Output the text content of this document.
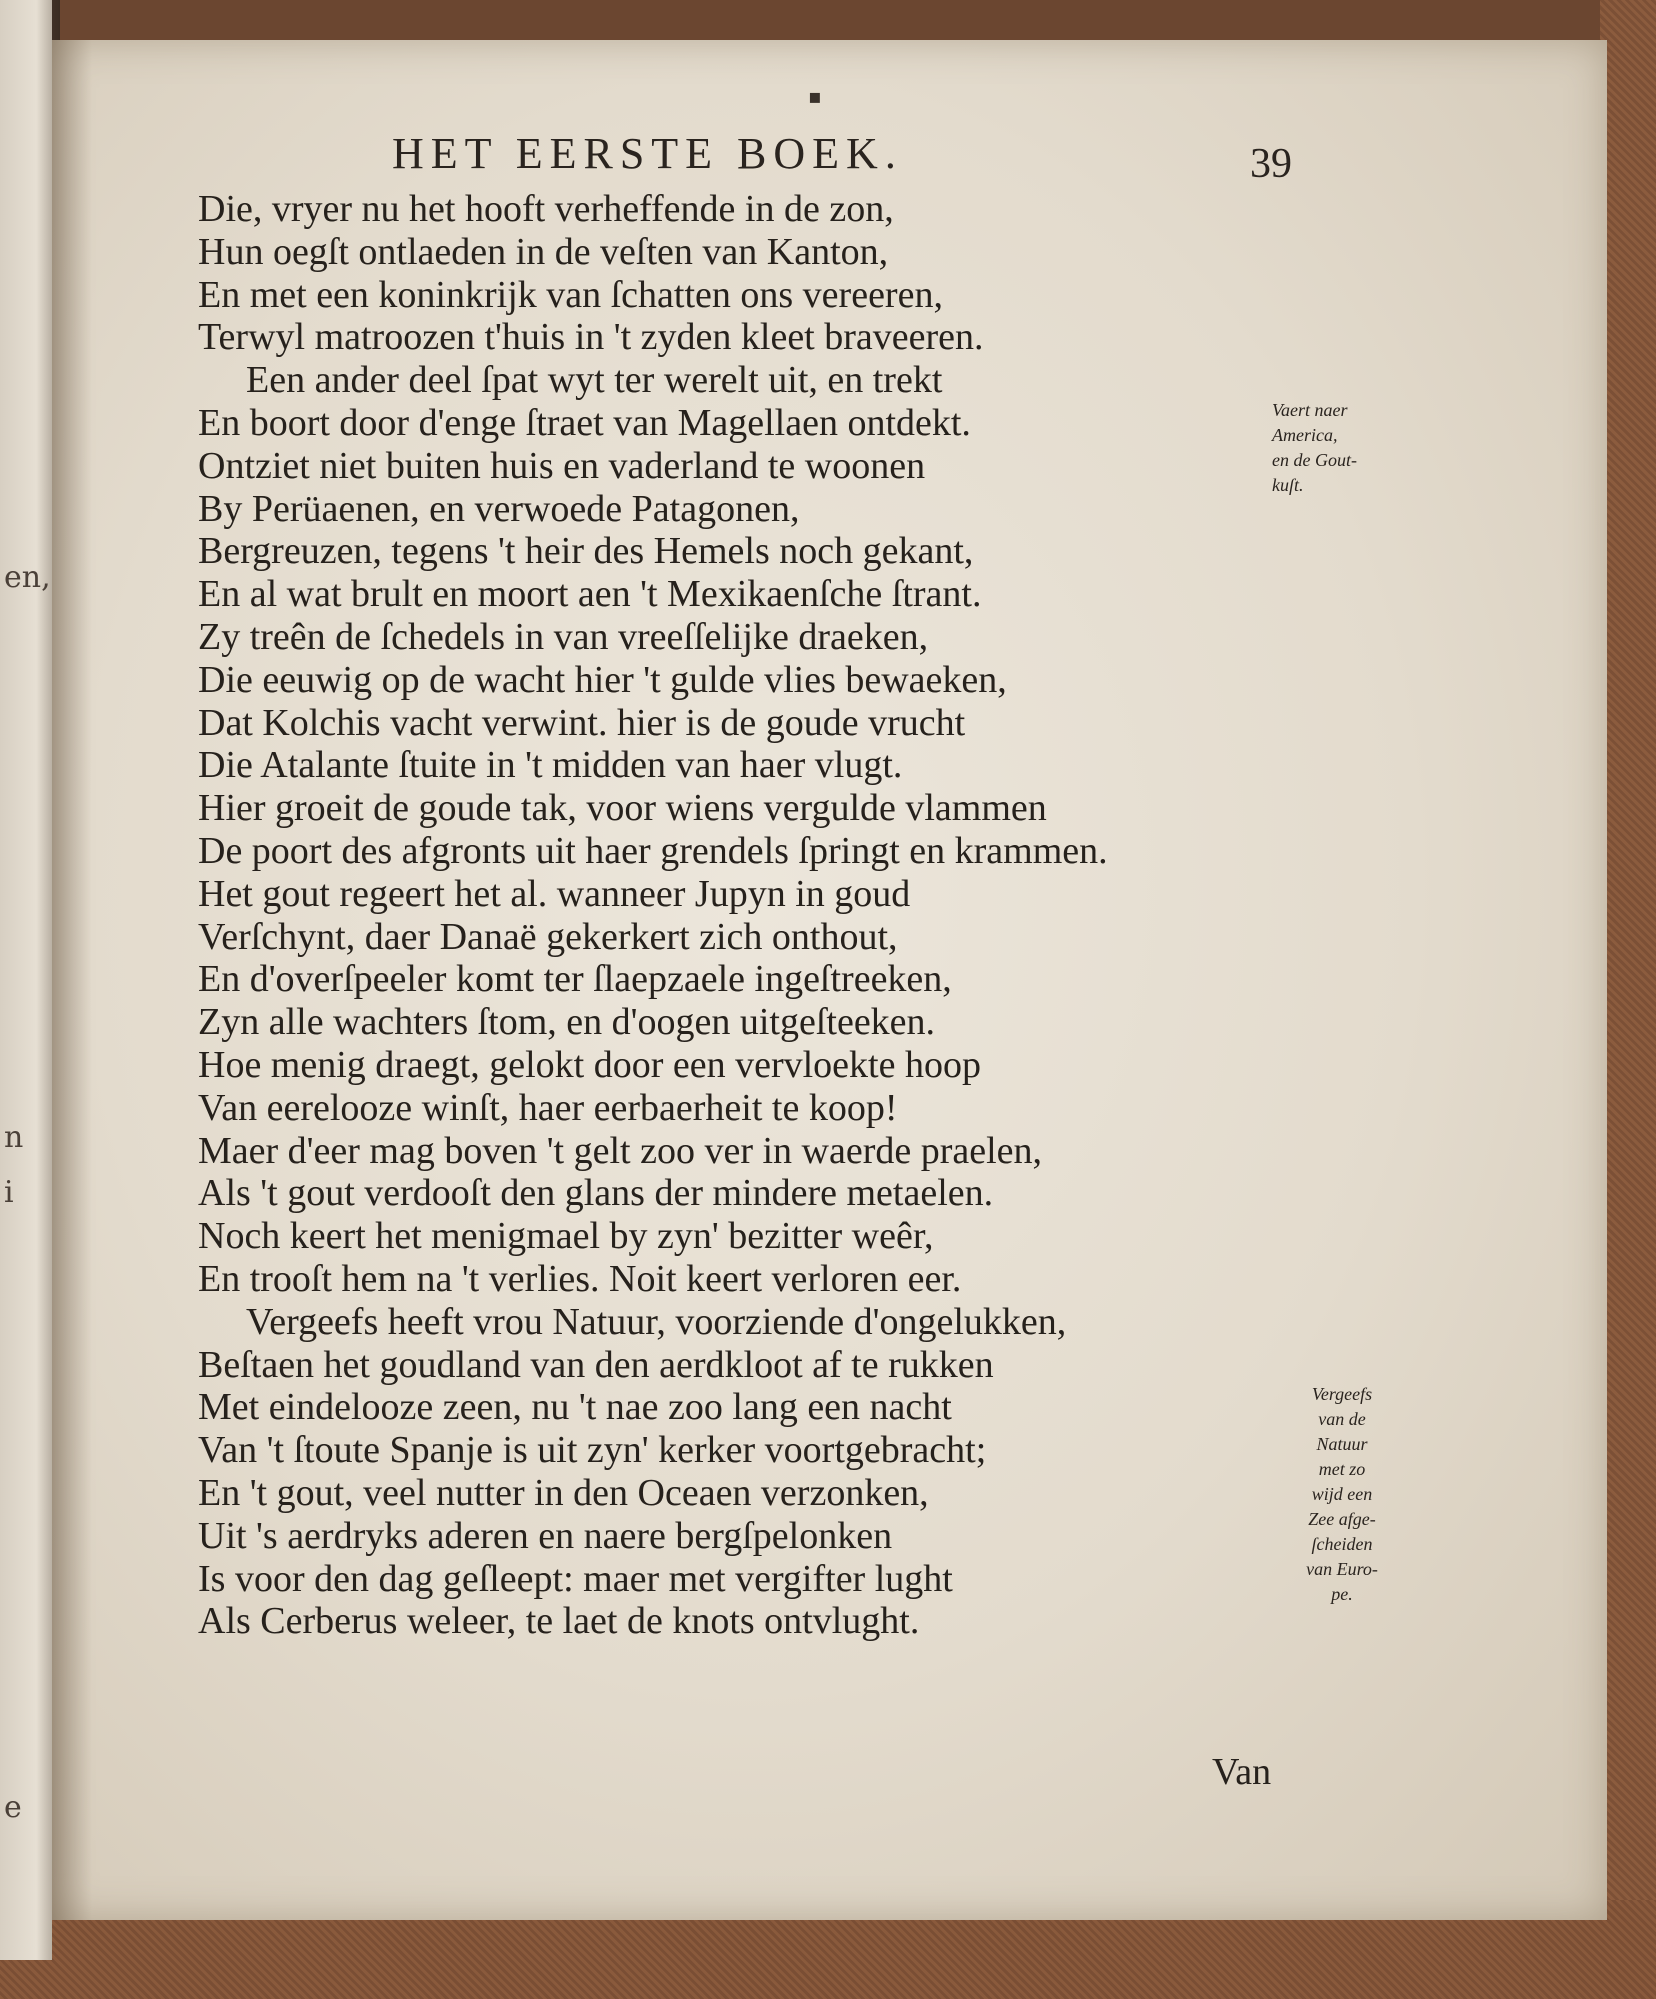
en,
n
i
e
▪
HET EERSTE BOEK.	39
Die, vryer nu het hooft verheffende in de zon,
Hun oegſt ontlaeden in de veſten van Kanton,
En met een koninkrijk van ſchatten ons vereeren,
Terwyl matroozen t'huis in 't zyden kleet braveeren.
Een ander deel ſpat wyt ter werelt uit, en trekt
En boort door d'enge ſtraet van Magellaen ontdekt.
Ontziet niet buiten huis en vaderland te woonen
By Perüaenen, en verwoede Patagonen,
Bergreuzen, tegens 't heir des Hemels noch gekant,
En al wat brult en moort aen 't Mexikaenſche ſtrant.
Zy treên de ſchedels in van vreeſſelijke draeken,
Die eeuwig op de wacht hier 't gulde vlies bewaeken,
Dat Kolchis vacht verwint. hier is de goude vrucht
Die Atalante ſtuite in 't midden van haer vlugt.
Hier groeit de goude tak, voor wiens vergulde vlammen
De poort des afgronts uit haer grendels ſpringt en krammen.
Het gout regeert het al. wanneer Jupyn in goud
Verſchynt, daer Danaë gekerkert zich onthout,
En d'overſpeeler komt ter ſlaepzaele ingeſtreeken,
Zyn alle wachters ſtom, en d'oogen uitgeſteeken.
Hoe menig draegt, gelokt door een vervloekte hoop
Van eerelooze winſt, haer eerbaerheit te koop!
Maer d'eer mag boven 't gelt zoo ver in waerde praelen,
Als 't gout verdooſt den glans der mindere metaelen.
Noch keert het menigmael by zyn' bezitter weêr,
En trooſt hem na 't verlies. Noit keert verloren eer.
Vergeefs heeft vrou Natuur, voorziende d'ongelukken,
Beſtaen het goudland van den aerdkloot af te rukken
Met eindelooze zeen, nu 't nae zoo lang een nacht
Van 't ſtoute Spanje is uit zyn' kerker voortgebracht;
En 't gout, veel nutter in den Oceaen verzonken,
Uit 's aerdryks aderen en naere bergſpelonken
Is voor den dag geſleept: maer met vergifter lught
Als Cerberus weleer, te laet de knots ontvlught.
Vaert naer
America,
en de Gout-
kuſt.
Vergeefs
van de
Natuur
met zo
wijd een
Zee afge-
ſcheiden
van Euro-
pe.
Van
